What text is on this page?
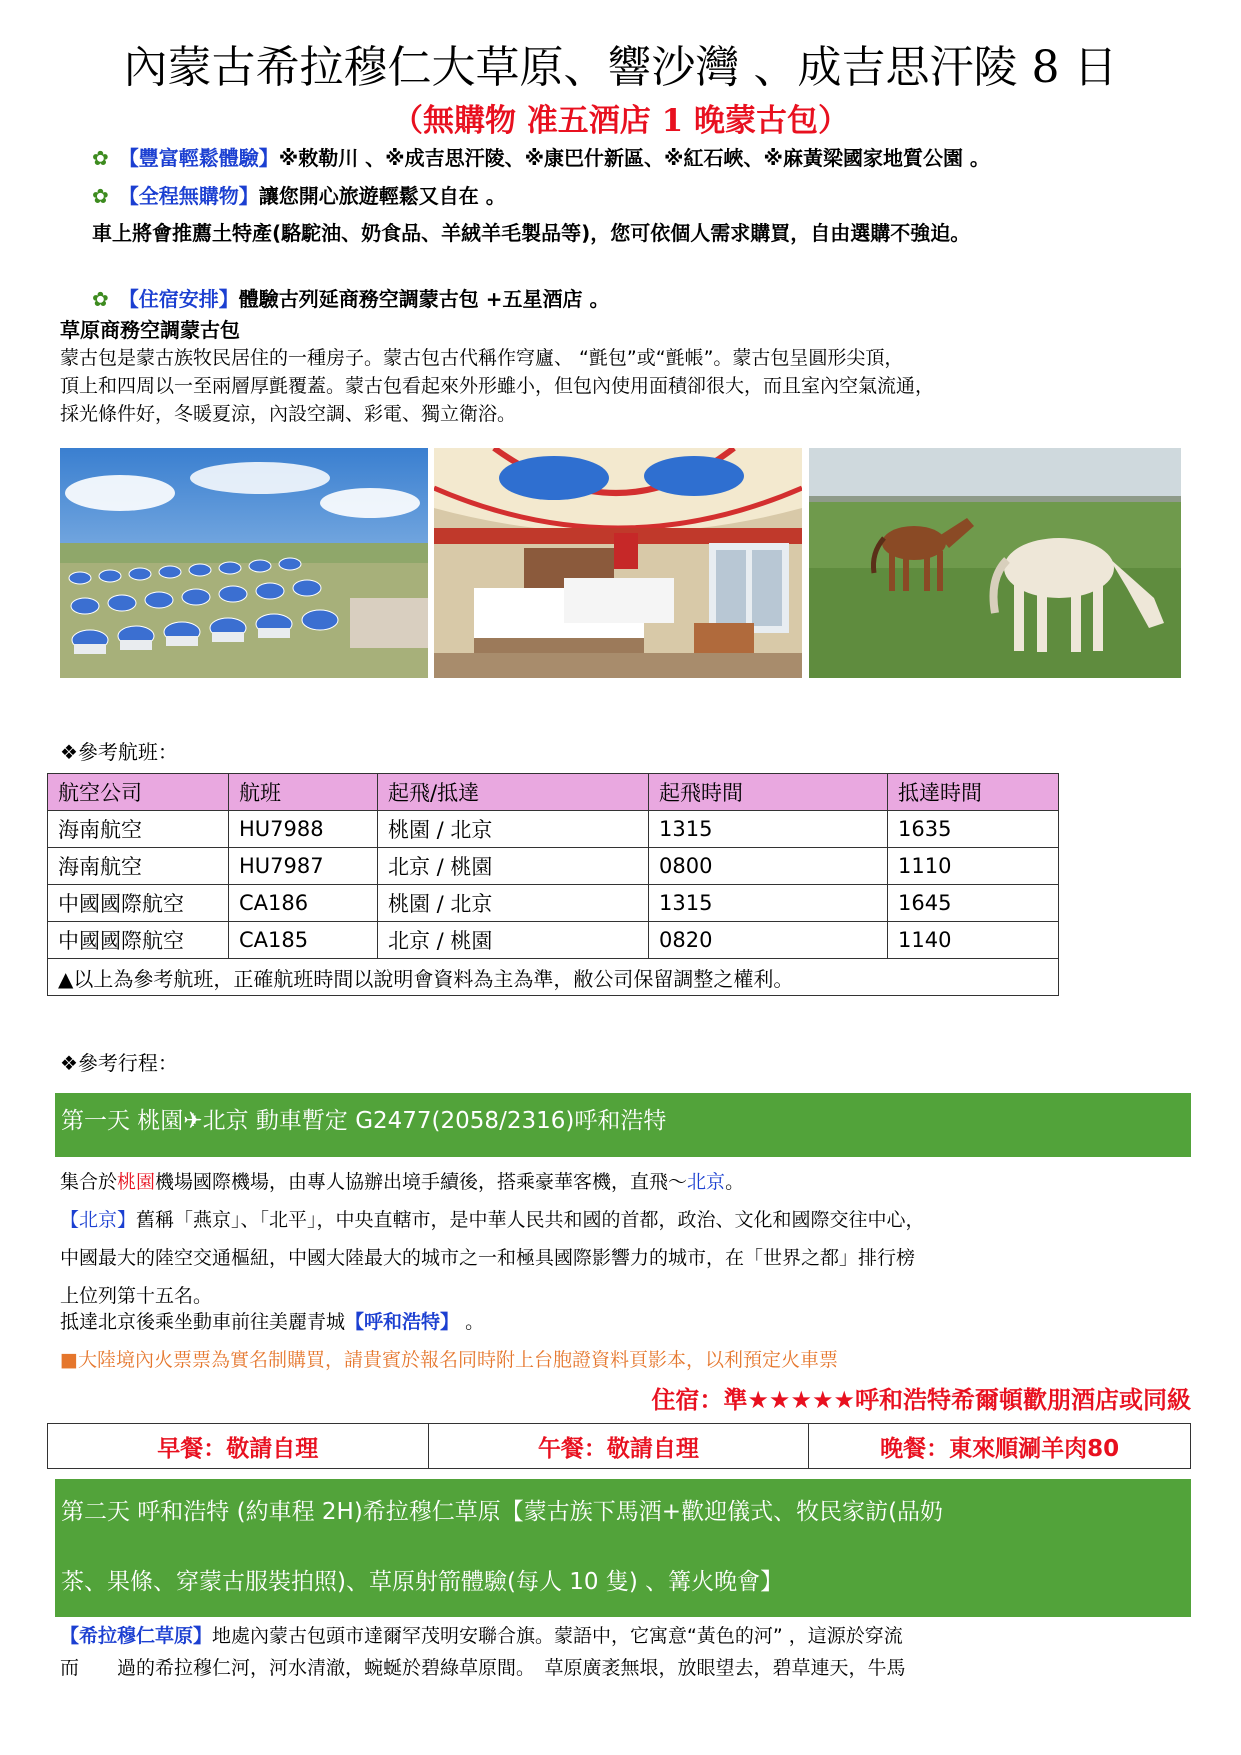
內蒙古希拉穆仁大草原、響沙灣 、成吉思汗陵 8 日
（無購物 准五酒店 1 晚蒙古包）
✿ 【豐富輕鬆體驗】※敕勒川 、※成吉思汗陵、※康巴什新區、※紅石峽、※麻黃梁國家地質公園 。
✿ 【全程無購物】讓您開心旅遊輕鬆又自在 。
車上將會推薦土特產(駱駝油、奶食品、羊絨羊毛製品等)，您可依個人需求購買，自由選購不強迫。
✿ 【住宿安排】體驗古列延商務空調蒙古包 +五星酒店 。
草原商務空調蒙古包
蒙古包是蒙古族牧民居住的一種房子。蒙古包古代稱作穹廬、 “氈包”或“氈帳”。蒙古包呈圓形尖頂，
頂上和四周以一至兩層厚氈覆蓋。蒙古包看起來外形雖小，但包內使用面積卻很大，而且室內空氣流通，
採光條件好，冬暖夏涼，內設空調、彩電、獨立衛浴。
❖參考航班：
航空公司	航班	起飛/抵達	起飛時間	抵達時間
海南航空	HU7988	桃園 / 北京	1315	1635
海南航空	HU7987	北京 / 桃園	0800	1110
中國國際航空	CA186	桃園 / 北京	1315	1645
中國國際航空	CA185	北京 / 桃園	0820	1140
▲以上為參考航班，正確航班時間以說明會資料為主為準，敝公司保留調整之權利。				
❖參考行程：
第一天 桃園✈北京 動車暫定 G2477(2058/2316)呼和浩特
集合於桃園機場國際機場，由專人協辦出境手續後，搭乘豪華客機，直飛～北京。
【北京】舊稱「燕京」、「北平」，中央直轄市，是中華人民共和國的首都，政治、文化和國際交往中心，
中國最大的陸空交通樞紐，中國大陸最大的城市之一和極具國際影響力的城市，在「世界之都」排行榜
上位列第十五名。
抵達北京後乘坐動車前往美麗青城【呼和浩特】 。
■大陸境內火票票為實名制購買，請貴賓於報名同時附上台胞證資料頁影本，以利預定火車票
住宿：準★★★★★呼和浩特希爾頓歡朋酒店或同級
早餐：敬請自理	午餐：敬請自理	晚餐：東來順涮羊肉80
第二天 呼和浩特 (約車程 2H)希拉穆仁草原【蒙古族下馬酒+歡迎儀式、牧民家訪(品奶
茶、果條、穿蒙古服裝拍照)、草原射箭體驗(每人 10 隻) 、篝火晚會】
【希拉穆仁草原】地處內蒙古包頭市達爾罕茂明安聯合旗。蒙語中，它寓意“黃色的河” ，這源於穿流
而　　過的希拉穆仁河，河水清澈，蜿蜒於碧綠草原間。　草原廣袤無垠，放眼望去，碧草連天，牛馬
